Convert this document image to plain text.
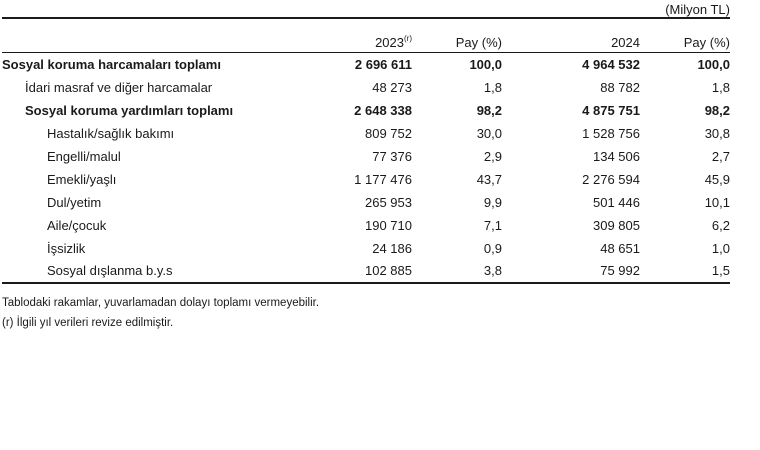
(Milyon TL)
	2023$^{(r)}$	Pay (%)	2024	Pay (%)
Sosyal koruma harcamaları toplamı	2 696 611	100,0	4 964 532	100,0
İdari masraf ve diğer harcamalar	48 273	1,8	88 782	1,8
Sosyal koruma yardımları toplamı	2 648 338	98,2	4 875 751	98,2
Hastalık/sağlık bakımı	809 752	30,0	1 528 756	30,8
Engelli/malul	77 376	2,9	134 506	2,7
Emekli/yaşlı	1 177 476	43,7	2 276 594	45,9
Dul/yetim	265 953	9,9	501 446	10,1
Aile/çocuk	190 710	7,1	309 805	6,2
İşsizlik	24 186	0,9	48 651	1,0
Sosyal dışlanma b.y.s	102 885	3,8	75 992	1,5
Tablodaki rakamlar, yuvarlamadan dolayı toplamı vermeyebilir.
(r) İlgili yıl verileri revize edilmiştir.
